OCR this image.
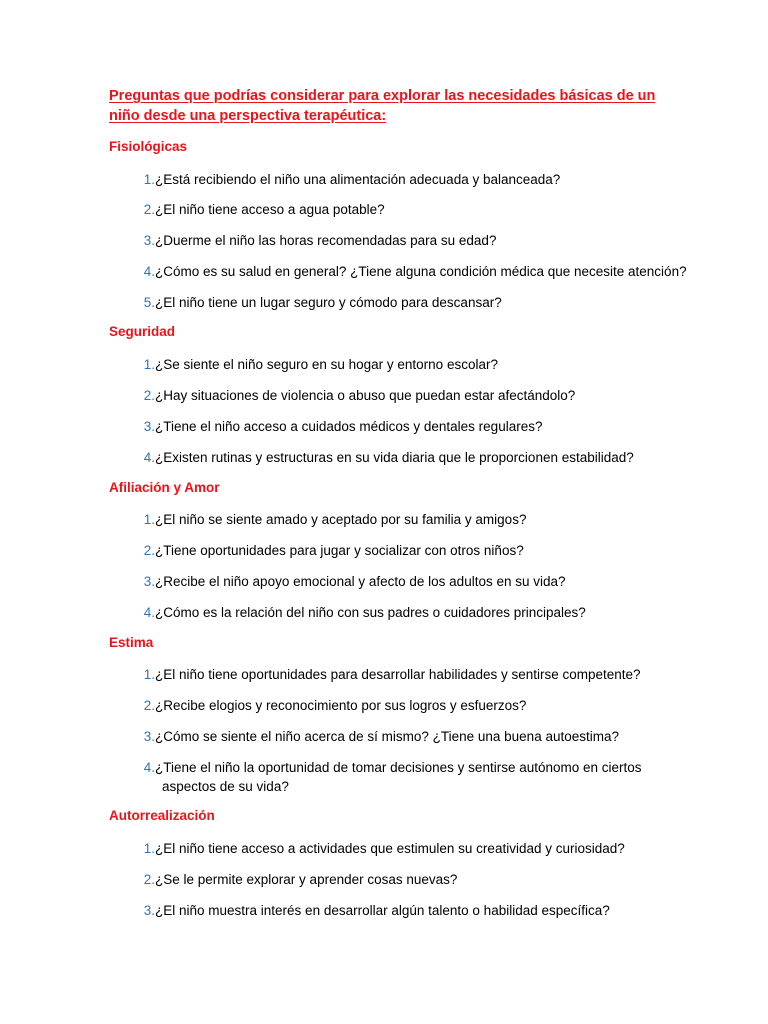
Preguntas que podrías considerar para explorar las necesidades básicas de un niño desde una perspectiva terapéutica:
Fisiológicas
1. ¿Está recibiendo el niño una alimentación adecuada y balanceada?
2. ¿El niño tiene acceso a agua potable?
3. ¿Duerme el niño las horas recomendadas para su edad?
4. ¿Cómo es su salud en general? ¿Tiene alguna condición médica que necesite atención?
5. ¿El niño tiene un lugar seguro y cómodo para descansar?
Seguridad
1. ¿Se siente el niño seguro en su hogar y entorno escolar?
2. ¿Hay situaciones de violencia o abuso que puedan estar afectándolo?
3. ¿Tiene el niño acceso a cuidados médicos y dentales regulares?
4. ¿Existen rutinas y estructuras en su vida diaria que le proporcionen estabilidad?
Afiliación y Amor
1. ¿El niño se siente amado y aceptado por su familia y amigos?
2. ¿Tiene oportunidades para jugar y socializar con otros niños?
3. ¿Recibe el niño apoyo emocional y afecto de los adultos en su vida?
4. ¿Cómo es la relación del niño con sus padres o cuidadores principales?
Estima
1. ¿El niño tiene oportunidades para desarrollar habilidades y sentirse competente?
2. ¿Recibe elogios y reconocimiento por sus logros y esfuerzos?
3. ¿Cómo se siente el niño acerca de sí mismo? ¿Tiene una buena autoestima?
4. ¿Tiene el niño la oportunidad de tomar decisiones y sentirse autónomo en ciertos
aspectos de su vida?
Autorrealización
1. ¿El niño tiene acceso a actividades que estimulen su creatividad y curiosidad?
2. ¿Se le permite explorar y aprender cosas nuevas?
3. ¿El niño muestra interés en desarrollar algún talento o habilidad específica?
